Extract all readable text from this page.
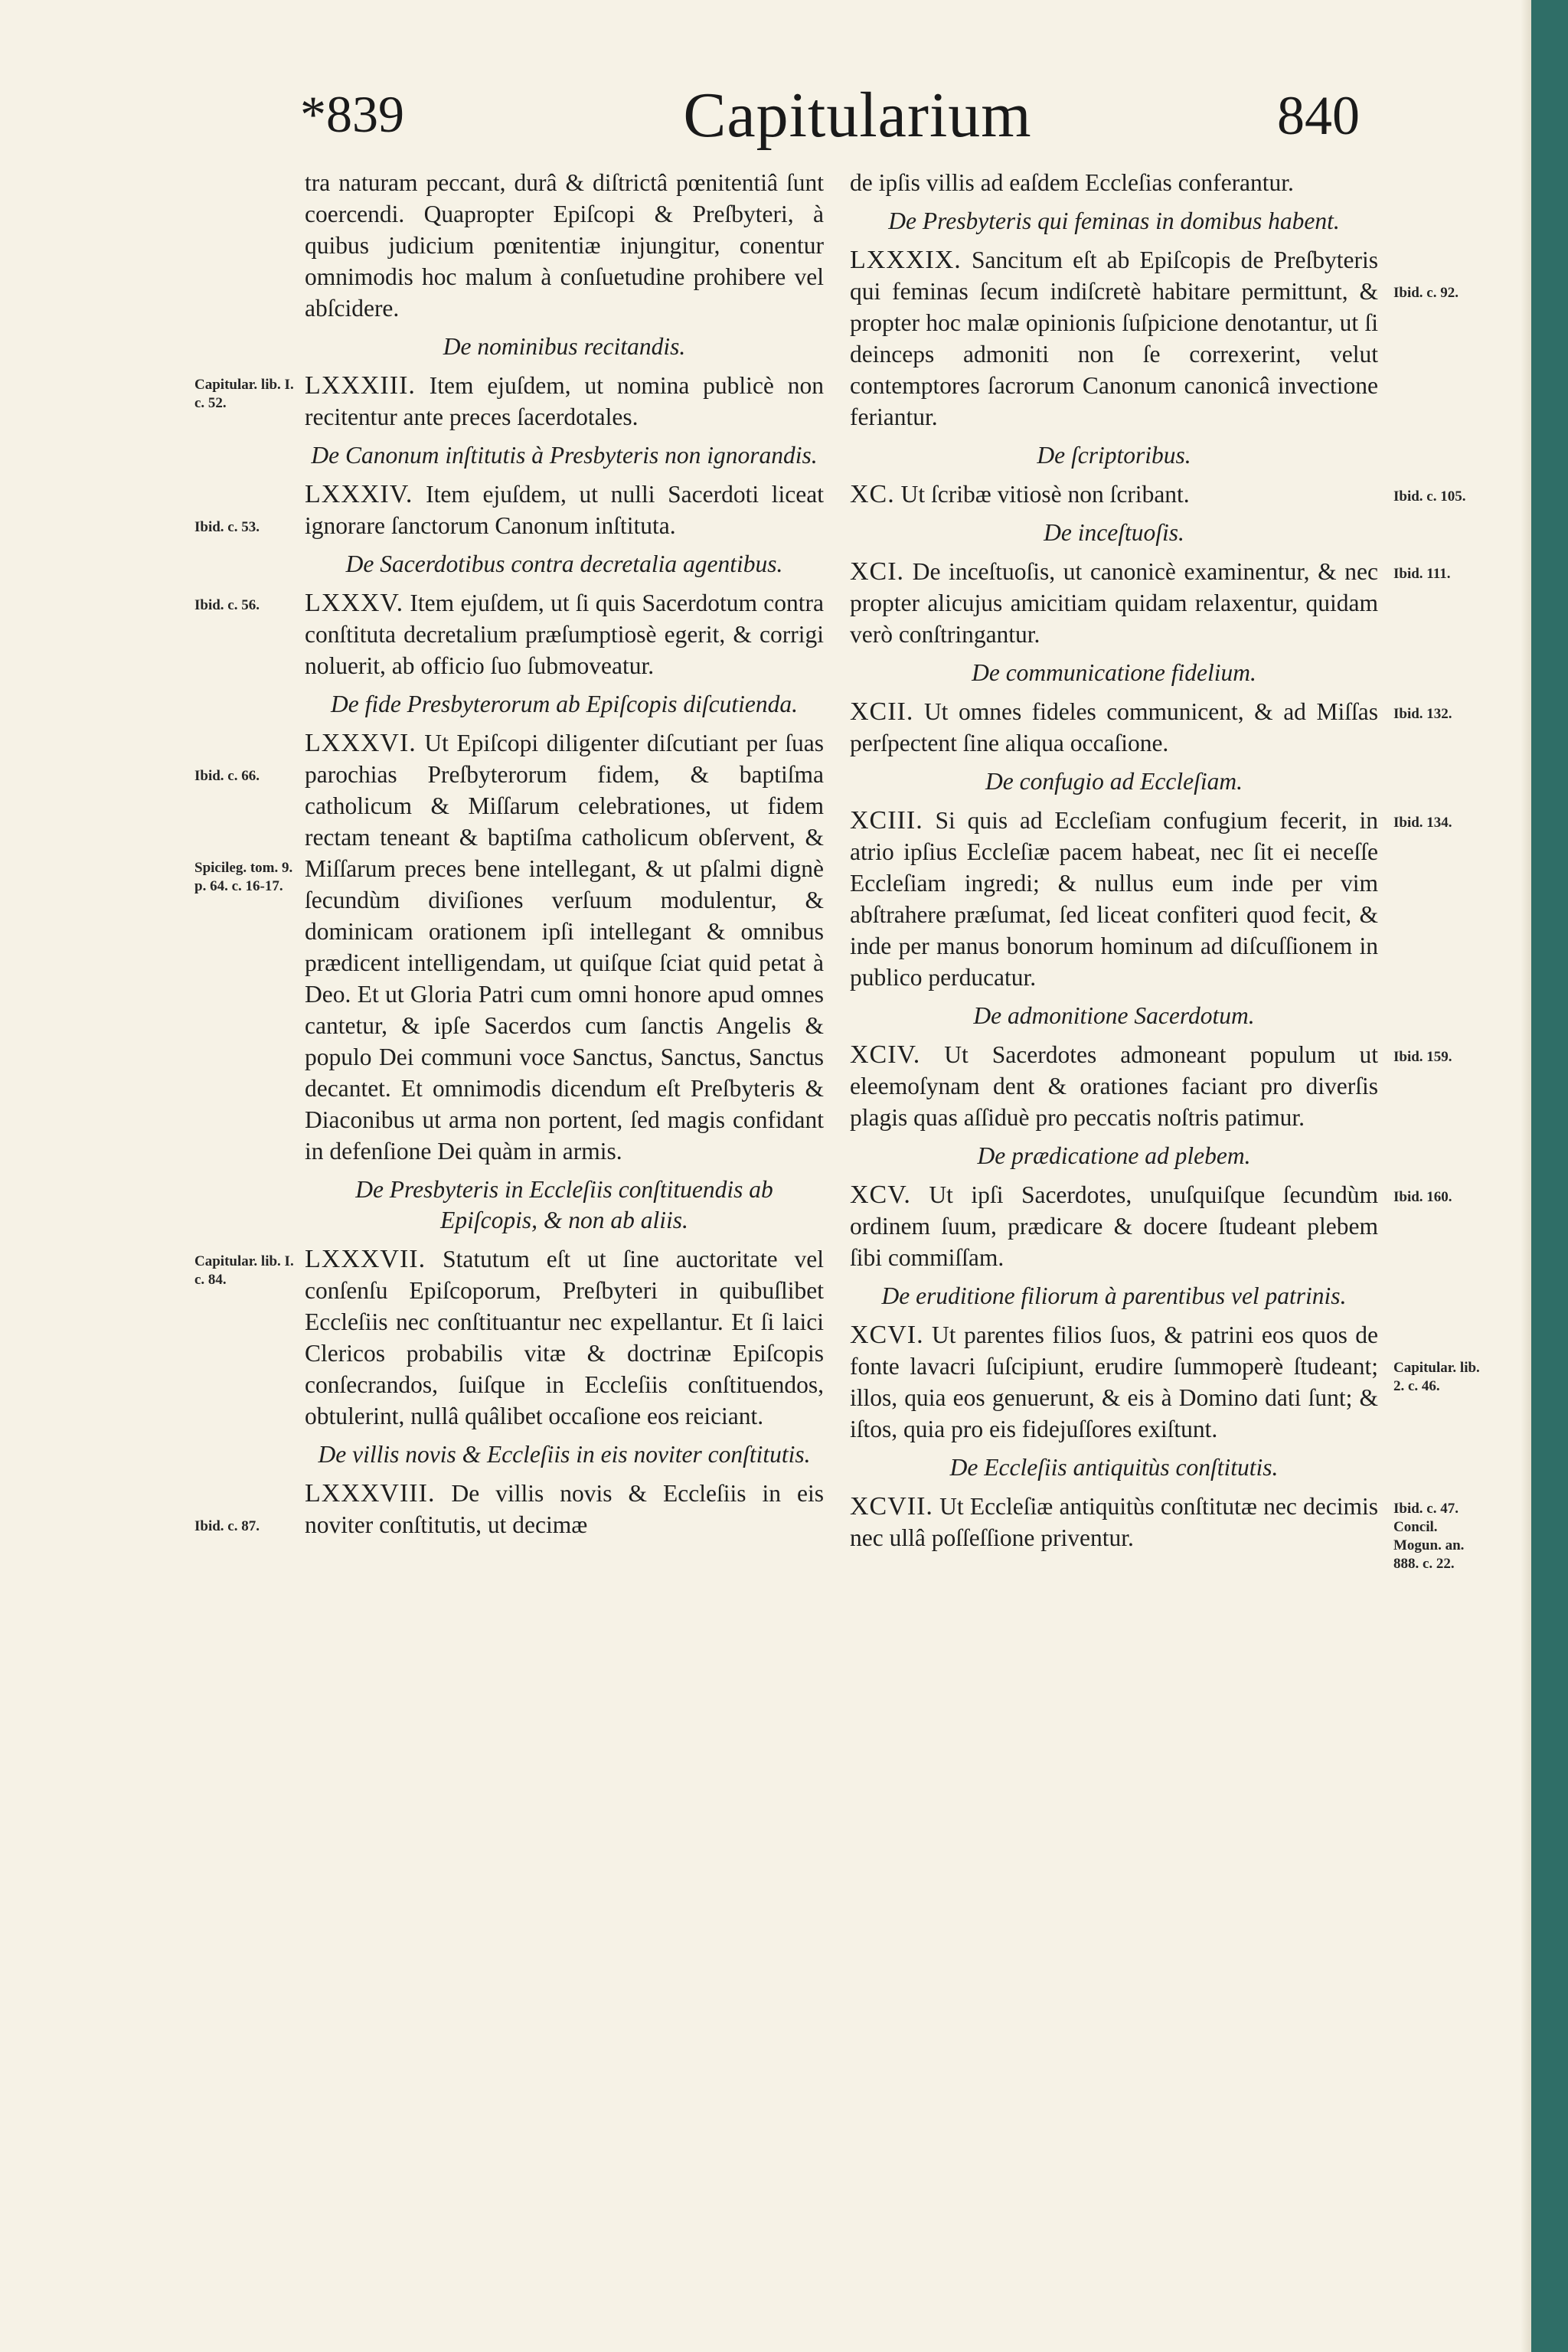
*839	Capitularium	840

tra naturam peccant, durâ & diſtrictâ pœnitentiâ ſunt coercendi. Quapropter Epiſcopi & Preſbyteri, à quibus judicium pœnitentiæ injungitur, conentur omnimodis hoc malum à conſuetudine prohibere vel abſcidere.

De nominibus recitandis.
Capitular. lib. I. c. 52.

LXXXIII. Item ejuſdem, ut nomina publicè non recitentur ante preces ſacerdotales.

De Canonum inſtitutis à Presbyteris non ignorandis.
Ibid. c. 53.

LXXXIV. Item ejuſdem, ut nulli Sacerdoti liceat ignorare ſanctorum Canonum inſtituta.

De Sacerdotibus contra decretalia agentibus.
Ibid. c. 56.	LXXXV. Item ejuſdem, ut ſi quis Sacerdotum contra conſtituta decretalium præſumptiosè egerit, & corrigi noluerit, ab officio ſuo ſubmoveatur.

De fide Presbyterorum ab Epiſcopis diſcutienda.
Ibid. c. 66.
Spicileg. tom. 9. p. 64. c. 16-17.

LXXXVI. Ut Epiſcopi diligenter diſcutiant per ſuas parochias Preſbyterorum fidem, & baptiſma catholicum & Miſſarum celebrationes, ut fidem rectam teneant & baptiſma catholicum obſervent, & Miſſarum preces bene intellegant, & ut pſalmi dignè ſecundùm diviſiones verſuum modulentur, & dominicam orationem ipſi intellegant & omnibus prædicent intelligendam, ut quiſque ſciat quid petat à Deo. Et ut Gloria Patri cum omni honore apud omnes cantetur, & ipſe Sacerdos cum ſanctis Angelis & populo Dei communi voce Sanctus, Sanctus, Sanctus decantet. Et omnimodis dicendum eſt Preſbyteris & Diaconibus ut arma non portent, ſed magis confidant in defenſione Dei quàm in armis.

De Presbyteris in Eccleſiis conſtituendis ab Epiſcopis, & non ab aliis.
Capitular. lib. I. c. 84.

LXXXVII. Statutum eſt ut ſine auctoritate vel conſenſu Epiſcoporum, Preſbyteri in quibuſlibet Eccleſiis nec conſtituantur nec expellantur. Et ſi laici Clericos probabilis vitæ & doctrinæ Epiſcopis conſecrandos, ſuiſque in Eccleſiis conſtituendos, obtulerint, nullâ quâlibet occaſione eos reiciant.

De villis novis & Eccleſiis in eis noviter conſtitutis.
Ibid. c. 87.

LXXXVIII. De villis novis & Eccleſiis in eis noviter conſtitutis, ut decimæ

de ipſis villis ad eaſdem Eccleſias conferantur.

De Presbyteris qui feminas in domibus habent.
Ibid. c. 92.

LXXXIX. Sancitum eſt ab Epiſcopis de Preſbyteris qui feminas ſecum indiſcretè habitare permittunt, & propter hoc malæ opinionis ſuſpicione denotantur, ut ſi deinceps admoniti non ſe correxerint, velut contemptores ſacrorum Canonum canonicâ invectione feriantur.

De ſcriptoribus.
Ibid. c. 105.

XC. Ut ſcribæ vitiosè non ſcribant.

De inceſtuoſis.
Ibid. 111.

XCI. De inceſtuoſis, ut canonicè examinentur, & nec propter alicujus amicitiam quidam relaxentur, quidam verò conſtringantur.

De communicatione fidelium.
Ibid. 132.

XCII. Ut omnes fideles communicent, & ad Miſſas perſpectent ſine aliqua occaſione.

De confugio ad Eccleſiam.
Ibid. 134.

XCIII. Si quis ad Eccleſiam confugium fecerit, in atrio ipſius Eccleſiæ pacem habeat, nec ſit ei neceſſe Eccleſiam ingredi; & nullus eum inde per vim abſtrahere præſumat, ſed liceat confiteri quod fecit, & inde per manus bonorum hominum ad diſcuſſionem in publico perducatur.

De admonitione Sacerdotum.
Ibid. 159.

XCIV. Ut Sacerdotes admoneant populum ut eleemoſynam dent & orationes faciant pro diverſis plagis quas aſſiduè pro peccatis noſtris patimur.

De prædicatione ad plebem.
Ibid. 160.

XCV. Ut ipſi Sacerdotes, unuſquiſque ſecundùm ordinem ſuum, prædicare & docere ſtudeant plebem ſibi commiſſam.

De eruditione filiorum à parentibus vel patrinis.
Capitular. lib. 2. c. 46.

XCVI. Ut parentes filios ſuos, & patrini eos quos de fonte lavacri ſuſcipiunt, erudire ſummoperè ſtudeant; illos, quia eos genuerunt, & eis à Domino dati ſunt; & iſtos, quia pro eis fidejuſſores exiſtunt.

De Eccleſiis antiquitùs conſtitutis.
Ibid. c. 47. Concil. Mogun. an. 888. c. 22.

XCVII. Ut Eccleſiæ antiquitùs conſtitutæ nec decimis nec ullâ poſſeſſione priventur.
